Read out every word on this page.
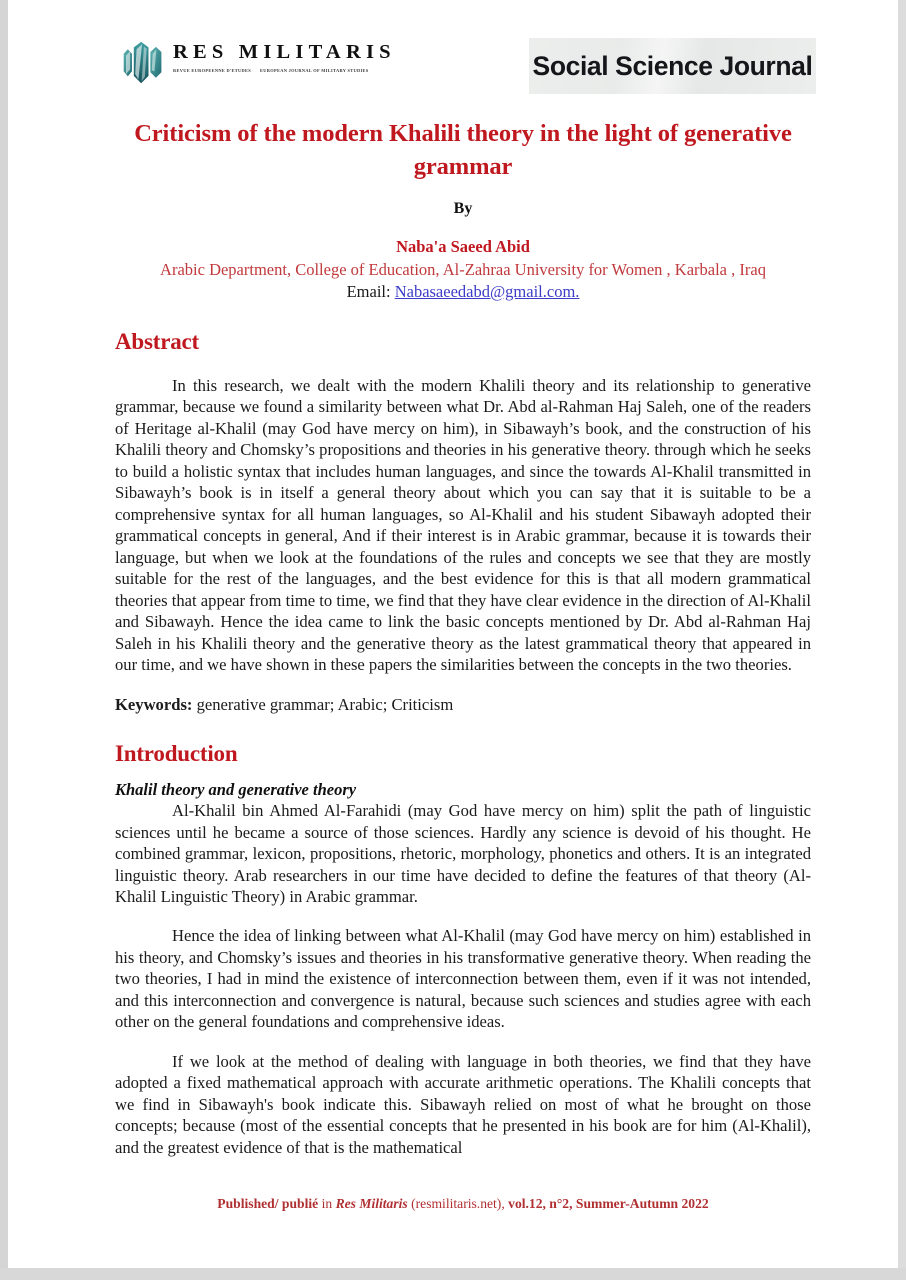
RES MILITARIS
REVUE EUROPEENNE D'ETUDES EUROPEAN JOURNAL OF MILITARY STUDIES	Social Science Journal
Criticism of the modern Khalili theory in the light of generative grammar
By
Naba'a Saeed Abid
Arabic Department, College of Education, Al-Zahraa University for Women , Karbala , Iraq
Email: Nabasaeedabd@gmail.com.
Abstract

In this research, we dealt with the modern Khalili theory and its relationship to generative grammar, because we found a similarity between what Dr. Abd al-Rahman Haj Saleh, one of the readers of Heritage al-Khalil (may God have mercy on him), in Sibawayh’s book, and the construction of his Khalili theory and Chomsky’s propositions and theories in his generative theory. through which he seeks to build a holistic syntax that includes human languages, and since the towards Al-Khalil transmitted in Sibawayh’s book is in itself a general theory about which you can say that it is suitable to be a comprehensive syntax for all human languages, so Al-Khalil and his student Sibawayh adopted their grammatical concepts in general, And if their interest is in Arabic grammar, because it is towards their language, but when we look at the foundations of the rules and concepts we see that they are mostly suitable for the rest of the languages, and the best evidence for this is that all modern grammatical theories that appear from time to time, we find that they have clear evidence in the direction of Al-Khalil and Sibawayh. Hence the idea came to link the basic concepts mentioned by Dr. Abd al-Rahman Haj Saleh in his Khalili theory and the generative theory as the latest grammatical theory that appeared in our time, and we have shown in these papers the similarities between the concepts in the two theories.

Keywords: generative grammar; Arabic; Criticism

Introduction
Khalil theory and generative theory

Al-Khalil bin Ahmed Al-Farahidi (may God have mercy on him) split the path of linguistic sciences until he became a source of those sciences. Hardly any science is devoid of his thought. He combined grammar, lexicon, propositions, rhetoric, morphology, phonetics and others. It is an integrated linguistic theory. Arab researchers in our time have decided to define the features of that theory (Al-Khalil Linguistic Theory) in Arabic grammar.

Hence the idea of linking between what Al-Khalil (may God have mercy on him) established in his theory, and Chomsky’s issues and theories in his transformative generative theory. When reading the two theories, I had in mind the existence of interconnection between them, even if it was not intended, and this interconnection and convergence is natural, because such sciences and studies agree with each other on the general foundations and comprehensive ideas.

If we look at the method of dealing with language in both theories, we find that they have adopted a fixed mathematical approach with accurate arithmetic operations. The Khalili concepts that we find in Sibawayh's book indicate this. Sibawayh relied on most of what he brought on those concepts; because (most of the essential concepts that he presented in his book are for him (Al-Khalil), and the greatest evidence of that is the mathematical

Published/ publié in Res Militaris (resmilitaris.net), vol.12, n°2, Summer-Autumn 2022
